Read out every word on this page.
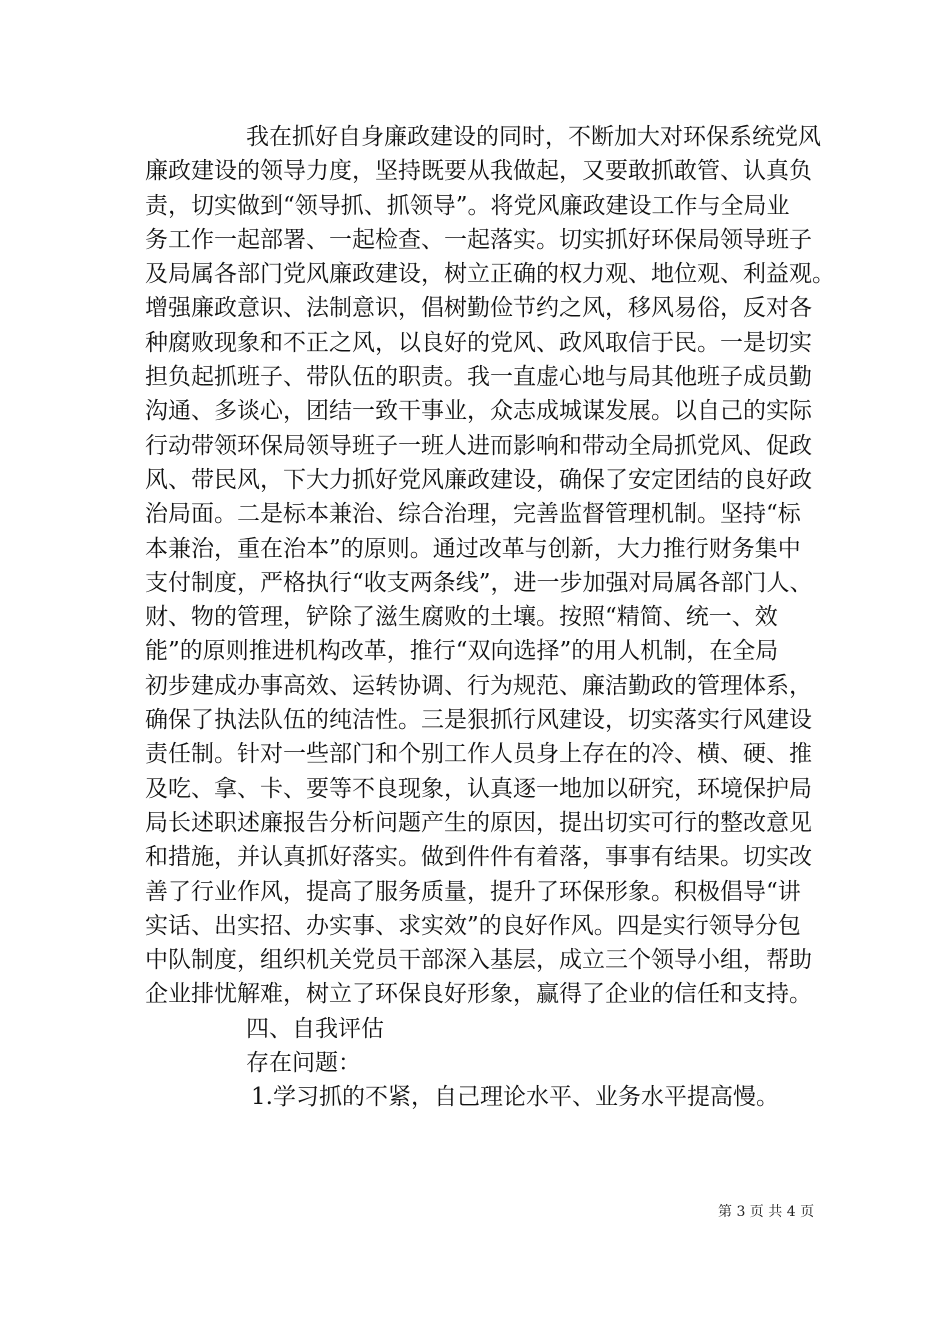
我在抓好自身廉政建设的同时，不断加大对环保系统党风
廉政建设的领导力度，坚持既要从我做起，又要敢抓敢管、认真负
责，切实做到“领导抓、抓领导”。将党风廉政建设工作与全局业
务工作一起部署、一起检查、一起落实。切实抓好环保局领导班子
及局属各部门党风廉政建设，树立正确的权力观、地位观、利益观。
增强廉政意识、法制意识，倡树勤俭节约之风，移风易俗，反对各
种腐败现象和不正之风，以良好的党风、政风取信于民。一是切实
担负起抓班子、带队伍的职责。我一直虚心地与局其他班子成员勤
沟通、多谈心，团结一致干事业，众志成城谋发展。以自己的实际
行动带领环保局领导班子一班人进而影响和带动全局抓党风、促政
风、带民风，下大力抓好党风廉政建设，确保了安定团结的良好政
治局面。二是标本兼治、综合治理，完善监督管理机制。坚持“标
本兼治，重在治本”的原则。通过改革与创新，大力推行财务集中
支付制度，严格执行“收支两条线”，进一步加强对局属各部门人、
财、物的管理，铲除了滋生腐败的土壤。按照“精简、统一、效
能”的原则推进机构改革，推行“双向选择”的用人机制，在全局
初步建成办事高效、运转协调、行为规范、廉洁勤政的管理体系，
确保了执法队伍的纯洁性。三是狠抓行风建设，切实落实行风建设
责任制。针对一些部门和个别工作人员身上存在的冷、横、硬、推
及吃、拿、卡、要等不良现象，认真逐一地加以研究，环境保护局
局长述职述廉报告分析问题产生的原因，提出切实可行的整改意见
和措施，并认真抓好落实。做到件件有着落，事事有结果。切实改
善了行业作风，提高了服务质量，提升了环保形象。积极倡导“讲
实话、出实招、办实事、求实效”的良好作风。四是实行领导分包
中队制度，组织机关党员干部深入基层，成立三个领导小组，帮助
企业排忧解难，树立了环保良好形象，赢得了企业的信任和支持。
四、自我评估
存在问题：
1.学习抓的不紧，自己理论水平、业务水平提高慢。
第 3 页 共 4 页
